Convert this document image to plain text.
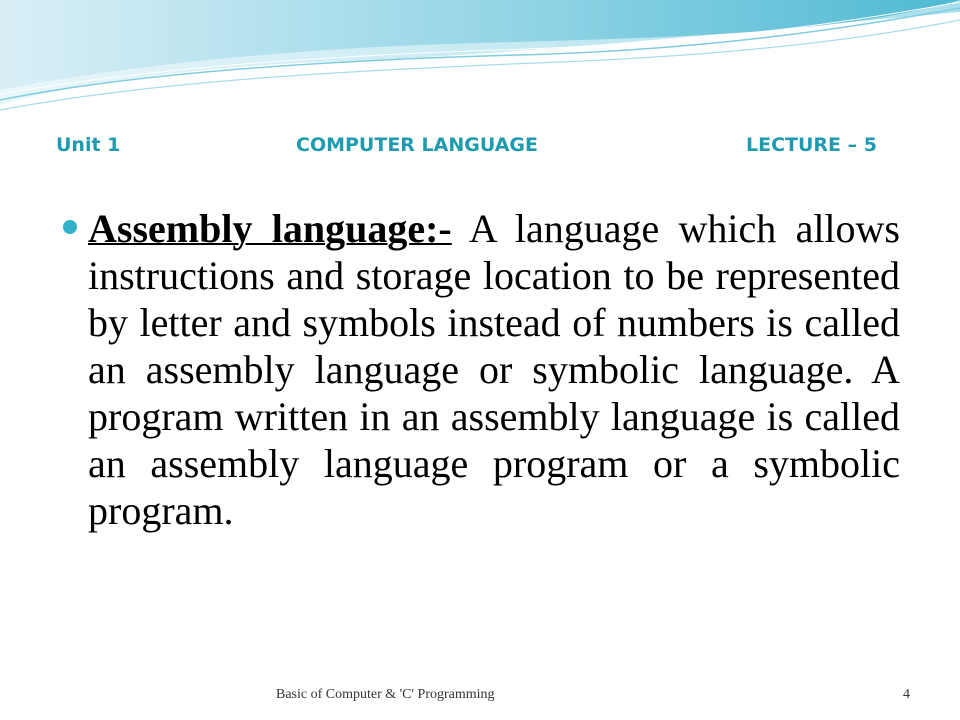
Unit 1	COMPUTER LANGUAGE	LECTURE – 5
Assembly language:- A language which allows instructions and storage location to be represented by letter and symbols instead of numbers is called an assembly language or symbolic language. A program written in an assembly language is called an assembly language program or a symbolic program.
Basic of Computer & 'C' Programming	4
